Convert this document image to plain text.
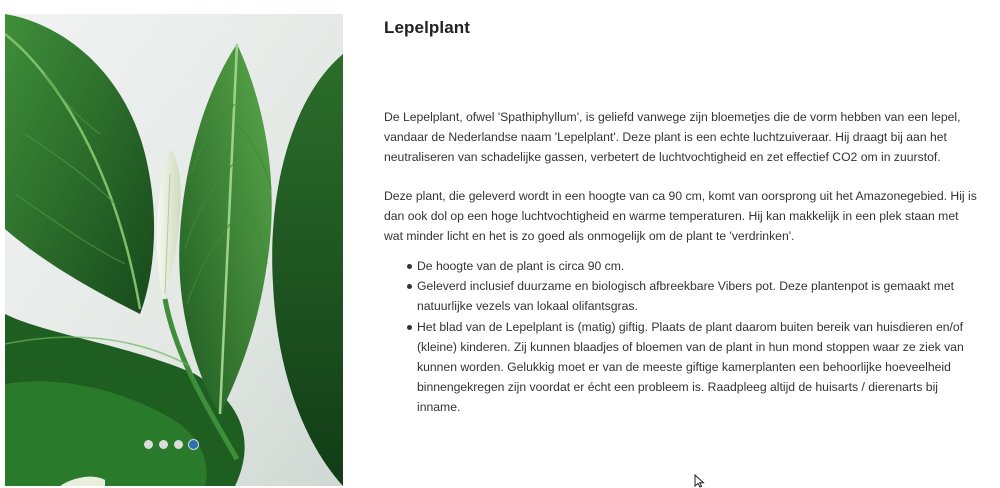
Lepelplant

De Lepelplant, ofwel 'Spathiphyllum', is geliefd vanwege zijn bloemetjes die de vorm hebben van een lepel, vandaar de Nederlandse naam 'Lepelplant'. Deze plant is een echte luchtzuiveraar. Hij draagt bij aan het neutraliseren van schadelijke gassen, verbetert de luchtvochtigheid en zet effectief CO2 om in zuurstof.

Deze plant, die geleverd wordt in een hoogte van ca 90 cm, komt van oorsprong uit het Amazonegebied. Hij is dan ook dol op een hoge luchtvochtigheid en warme temperaturen. Hij kan makkelijk in een plek staan met wat minder licht en het is zo goed als onmogelijk om de plant te 'verdrinken'.

De hoogte van de plant is circa 90 cm.
Geleverd inclusief duurzame en biologisch afbreekbare Vibers pot. Deze plantenpot is gemaakt met natuurlijke vezels van lokaal olifantsgras.
Het blad van de Lepelplant is (matig) giftig. Plaats de plant daarom buiten bereik van huisdieren en/of (kleine) kinderen. Zij kunnen blaadjes of bloemen van de plant in hun mond stoppen waar ze ziek van kunnen worden. Gelukkig moet er van de meeste giftige kamerplanten een behoorlijke hoeveelheid binnengekregen zijn voordat er écht een probleem is. Raadpleeg altijd de huisarts / dierenarts bij inname.
